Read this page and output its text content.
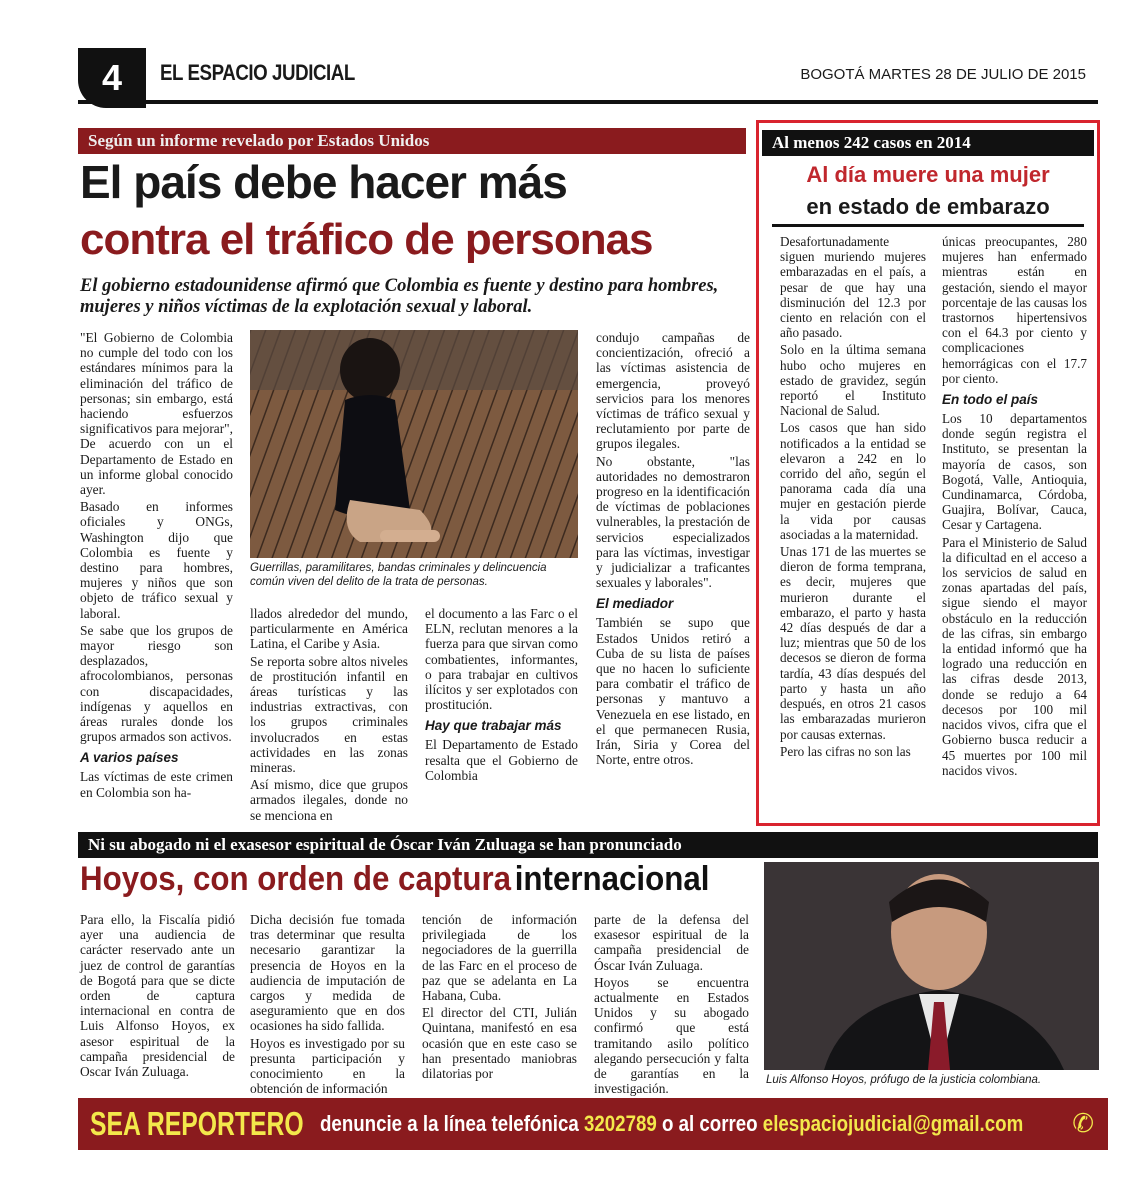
4	EL ESPACIO JUDICIAL	BOGOTÁ MARTES 28 DE JULIO DE 2015
Según un informe revelado por Estados Unidos
El país debe hacer más
contra el tráfico de personas
El gobierno estadounidense afirmó que Colombia es fuente y destino para hombres, mujeres y niños víctimas de la explotación sexual y laboral.

"El Gobierno de Colombia no cumple del todo con los estándares mínimos para la eliminación del tráfico de personas; sin embargo, está haciendo esfuerzos significativos para mejorar", De acuerdo con un el Departamento de Estado en un informe global conocido ayer.

Basado en informes oficiales y ONGs, Washington dijo que Colombia es fuente y destino para hombres, mujeres y niños que son objeto de tráfico sexual y laboral.

Se sabe que los grupos de mayor riesgo son desplazados, afrocolombianos, personas con discapacidades, indígenas y aquellos en áreas rurales donde los grupos armados son activos.

A varios países

Las víctimas de este crimen en Colombia son ha-

Guerrillas, paramilitares, bandas criminales y delincuencia común viven del delito de la trata de personas.

llados alrededor del mundo, particularmente en América Latina, el Caribe y Asia.

Se reporta sobre altos niveles de prostitución infantil en áreas turísticas y las industrias extractivas, con los grupos criminales involucrados en estas actividades en las zonas mineras.

Así mismo, dice que grupos armados ilegales, donde no se menciona en

el documento a las Farc o el ELN, reclutan menores a la fuerza para que sirvan como combatientes, informantes, o para trabajar en cultivos ilícitos y ser explotados con prostitución.

Hay que trabajar más

El Departamento de Estado resalta que el Gobierno de Colombia

condujo campañas de concientización, ofreció a las víctimas asistencia de emergencia, proveyó servicios para los menores víctimas de tráfico sexual y reclutamiento por parte de grupos ilegales.

No obstante, "las autoridades no demostraron progreso en la identificación de víctimas de poblaciones vulnerables, la prestación de servicios especializados para las víctimas, investigar y judicializar a traficantes sexuales y laborales".

El mediador

También se supo que Estados Unidos retiró a Cuba de su lista de países que no hacen lo suficiente para combatir el tráfico de personas y mantuvo a Venezuela en ese listado, en el que permanecen Rusia, Irán, Siria y Corea del Norte, entre otros.

Al menos 242 casos en 2014
Al día muere una mujer
en estado de embarazo

Desafortunadamente siguen muriendo mujeres embarazadas en el país, a pesar de que hay una disminución del 12.3 por ciento en relación con el año pasado.

Solo en la última semana hubo ocho mujeres en estado de gravidez, según reportó el Instituto Nacional de Salud.

Los casos que han sido notificados a la entidad se elevaron a 242 en lo corrido del año, según el panorama cada día una mujer en gestación pierde la vida por causas asociadas a la maternidad.

Unas 171 de las muertes se dieron de forma temprana, es decir, mujeres que murieron durante el embarazo, el parto y hasta 42 días después de dar a luz; mientras que 50 de los decesos se dieron de forma tardía, 43 días después del parto y hasta un año después, en otros 21 casos las embarazadas murieron por causas externas.

Pero las cifras no son las

únicas preocupantes, 280 mujeres han enfermado mientras están en gestación, siendo el mayor porcentaje de las causas los trastornos hipertensivos con el 64.3 por ciento y complicaciones hemorrágicas con el 17.7 por ciento.

En todo el país

Los 10 departamentos donde según registra el Instituto, se presentan la mayoría de casos, son Bogotá, Valle, Antioquia, Cundinamarca, Córdoba, Guajira, Bolívar, Cauca, Cesar y Cartagena.

Para el Ministerio de Salud la dificultad en el acceso a los servicios de salud en zonas apartadas del país, sigue siendo el mayor obstáculo en la reducción de las cifras, sin embargo la entidad informó que ha logrado una reducción en las cifras desde 2013, donde se redujo a 64 decesos por 100 mil nacidos vivos, cifra que el Gobierno busca reducir a 45 muertes por 100 mil nacidos vivos.

Ni su abogado ni el exasesor espiritual de Óscar Iván Zuluaga se han pronunciado
Hoyos, con orden de captura internacional

Para ello, la Fiscalía pidió ayer una audiencia de carácter reservado ante un juez de control de garantías de Bogotá para que se dicte orden de captura internacional en contra de Luis Alfonso Hoyos, ex asesor espiritual de la campaña presidencial de Oscar Iván Zuluaga.

Dicha decisión fue tomada tras determinar que resulta necesario garantizar la presencia de Hoyos en la audiencia de imputación de cargos y medida de aseguramiento que en dos ocasiones ha sido fallida.

Hoyos es investigado por su presunta participación y conocimiento en la obtención de información

tención de información privilegiada de los negociadores de la guerrilla de las Farc en el proceso de paz que se adelanta en La Habana, Cuba.

El director del CTI, Julián Quintana, manifestó en esa ocasión que en este caso se han presentado maniobras dilatorias por

parte de la defensa del exasesor espiritual de la campaña presidencial de Óscar Iván Zuluaga.

Hoyos se encuentra actualmente en Estados Unidos y su abogado confirmó que está tramitando asilo político alegando persecución y falta de garantías en la investigación.

Luis Alfonso Hoyos, prófugo de la justicia colombiana.
SEA REPORTERO denuncie a la línea telefónica 3202789 o al correo elespaciojudicial@gmail.com ✆
